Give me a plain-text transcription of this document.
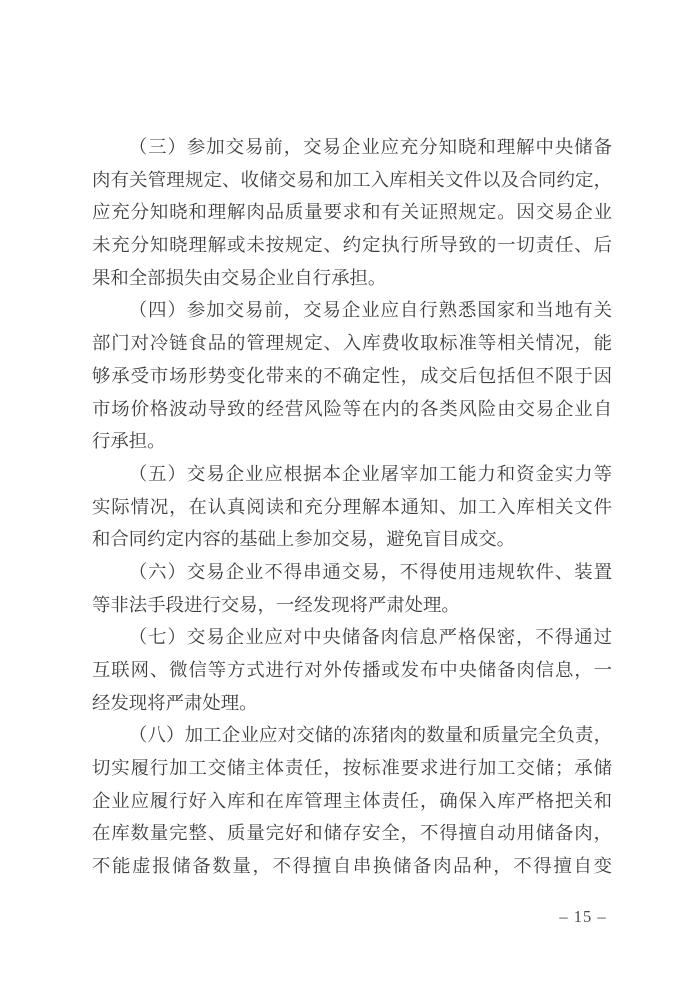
（三）参加交易前，交易企业应充分知晓和理解中央储备
肉有关管理规定、收储交易和加工入库相关文件以及合同约定，
应充分知晓和理解肉品质量要求和有关证照规定。因交易企业
未充分知晓理解或未按规定、约定执行所导致的一切责任、后
果和全部损失由交易企业自行承担。
（四）参加交易前，交易企业应自行熟悉国家和当地有关
部门对冷链食品的管理规定、入库费收取标准等相关情况，能
够承受市场形势变化带来的不确定性，成交后包括但不限于因
市场价格波动导致的经营风险等在内的各类风险由交易企业自
行承担。
（五）交易企业应根据本企业屠宰加工能力和资金实力等
实际情况，在认真阅读和充分理解本通知、加工入库相关文件
和合同约定内容的基础上参加交易，避免盲目成交。
（六）交易企业不得串通交易，不得使用违规软件、装置
等非法手段进行交易，一经发现将严肃处理。
（七）交易企业应对中央储备肉信息严格保密，不得通过
互联网、微信等方式进行对外传播或发布中央储备肉信息，一
经发现将严肃处理。
（八）加工企业应对交储的冻猪肉的数量和质量完全负责，
切实履行加工交储主体责任，按标准要求进行加工交储；承储
企业应履行好入库和在库管理主体责任，确保入库严格把关和
在库数量完整、质量完好和储存安全，不得擅自动用储备肉，
不能虚报储备数量，不得擅自串换储备肉品种，不得擅自变
– 15 –
